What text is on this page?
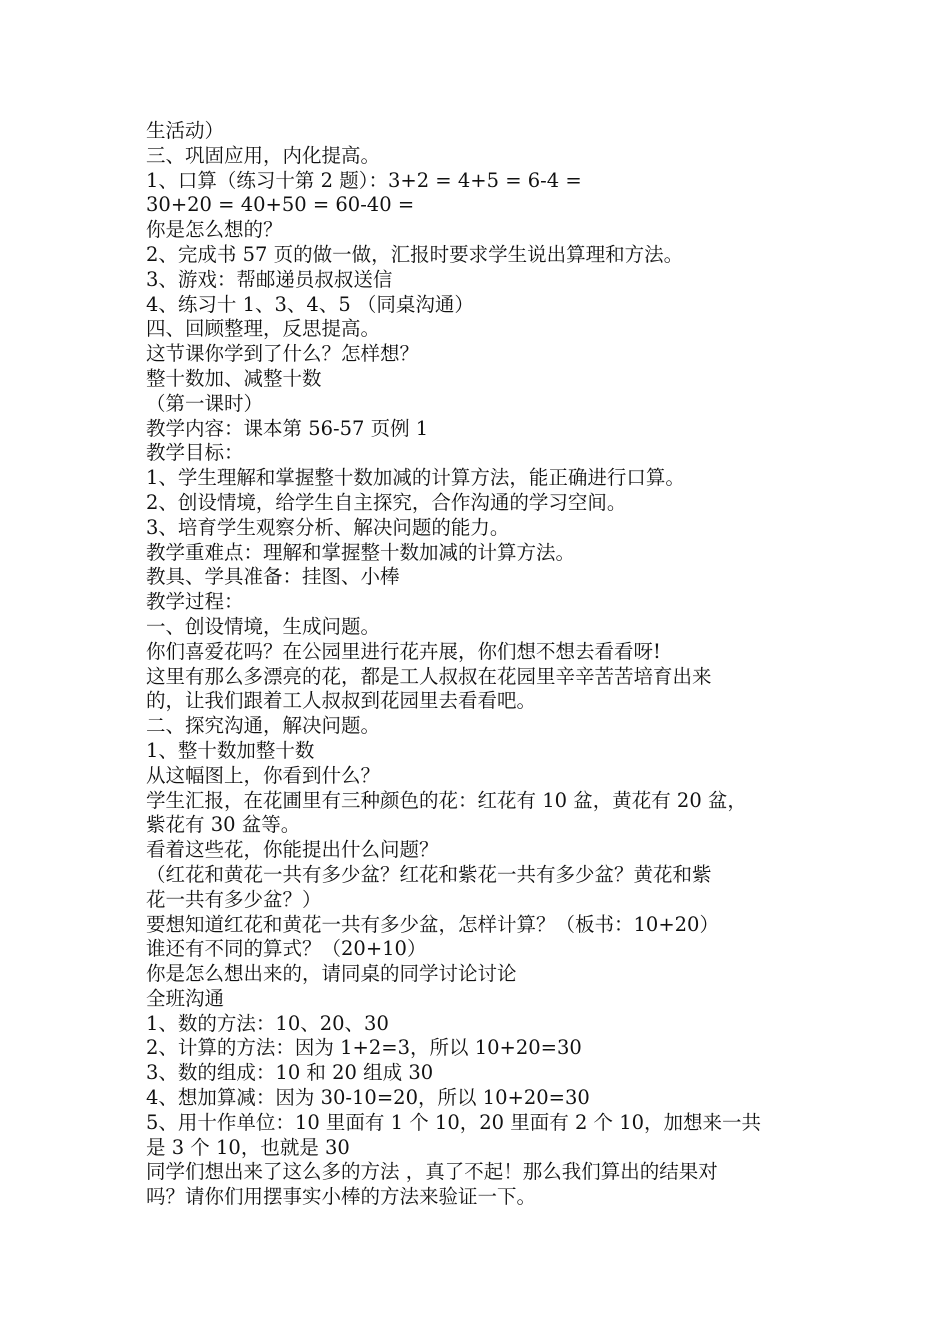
生活动）
三、巩固应用，内化提高。
1、口算（练习十第 2 题）：3+2 = 4+5 = 6-4 =
30+20 = 40+50 = 60-40 =
你是怎么想的？
2、完成书 57 页的做一做，汇报时要求学生说出算理和方法。
3、游戏：帮邮递员叔叔送信
4、练习十 1、3、4、5 （同桌沟通）
四、回顾整理，反思提高。
这节课你学到了什么？怎样想？
整十数加、减整十数
（第一课时）
教学内容：课本第 56-57 页例 1
教学目标：
1、学生理解和掌握整十数加减的计算方法，能正确进行口算。
2、创设情境，给学生自主探究，合作沟通的学习空间。
3、培育学生观察分析、解决问题的能力。
教学重难点：理解和掌握整十数加减的计算方法。
教具、学具准备：挂图、小棒
教学过程：
一、创设情境，生成问题。
你们喜爱花吗？在公园里进行花卉展，你们想不想去看看呀!
这里有那么多漂亮的花，都是工人叔叔在花园里辛辛苦苦培育出来
的，让我们跟着工人叔叔到花园里去看看吧。
二、探究沟通，解决问题。
1、整十数加整十数
从这幅图上，你看到什么？
学生汇报，在花圃里有三种颜色的花：红花有 10 盆，黄花有 20 盆，
紫花有 30 盆等。
看着这些花，你能提出什么问题？
（红花和黄花一共有多少盆？红花和紫花一共有多少盆？黄花和紫
花一共有多少盆？）
要想知道红花和黄花一共有多少盆，怎样计算？（板书：10+20）
谁还有不同的算式？（20+10）
你是怎么想出来的，请同桌的同学讨论讨论
全班沟通
1、数的方法：10、20、30
2、计算的方法：因为 1+2=3，所以 10+20=30
3、数的组成：10 和 20 组成 30
4、想加算减：因为 30-10=20，所以 10+20=30
5、用十作单位：10 里面有 1 个 10，20 里面有 2 个 10，加想来一共
是 3 个 10，也就是 30
同学们想出来了这么多的方法 ，真了不起！那么我们算出的结果对
吗？请你们用摆事实小棒的方法来验证一下。
